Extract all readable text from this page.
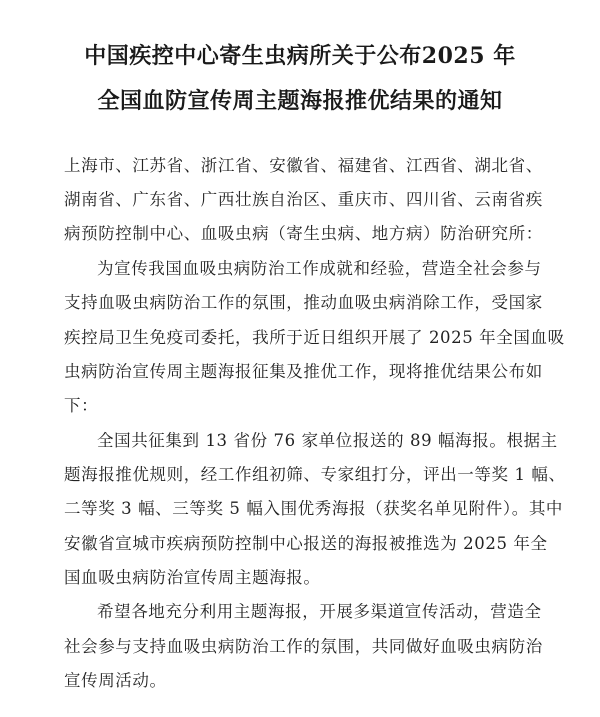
中国疾控中心寄生虫病所关于公布2025 年
全国血防宣传周主题海报推优结果的通知
上海市、江苏省、浙江省、安徽省、福建省、江西省、湖北省、
湖南省、广东省、广西壮族自治区、重庆市、四川省、云南省疾
病预防控制中心、血吸虫病（寄生虫病、地方病）防治研究所：
为宣传我国血吸虫病防治工作成就和经验，营造全社会参与
支持血吸虫病防治工作的氛围，推动血吸虫病消除工作，受国家
疾控局卫生免疫司委托，我所于近日组织开展了 2025 年全国血吸
虫病防治宣传周主题海报征集及推优工作，现将推优结果公布如
下：
全国共征集到 13 省份 76 家单位报送的 89 幅海报。根据主
题海报推优规则，经工作组初筛、专家组打分，评出一等奖 1 幅、
二等奖 3 幅、三等奖 5 幅入围优秀海报（获奖名单见附件）。其中
安徽省宣城市疾病预防控制中心报送的海报被推选为 2025 年全
国血吸虫病防治宣传周主题海报。
希望各地充分利用主题海报，开展多渠道宣传活动，营造全
社会参与支持血吸虫病防治工作的氛围，共同做好血吸虫病防治
宣传周活动。
